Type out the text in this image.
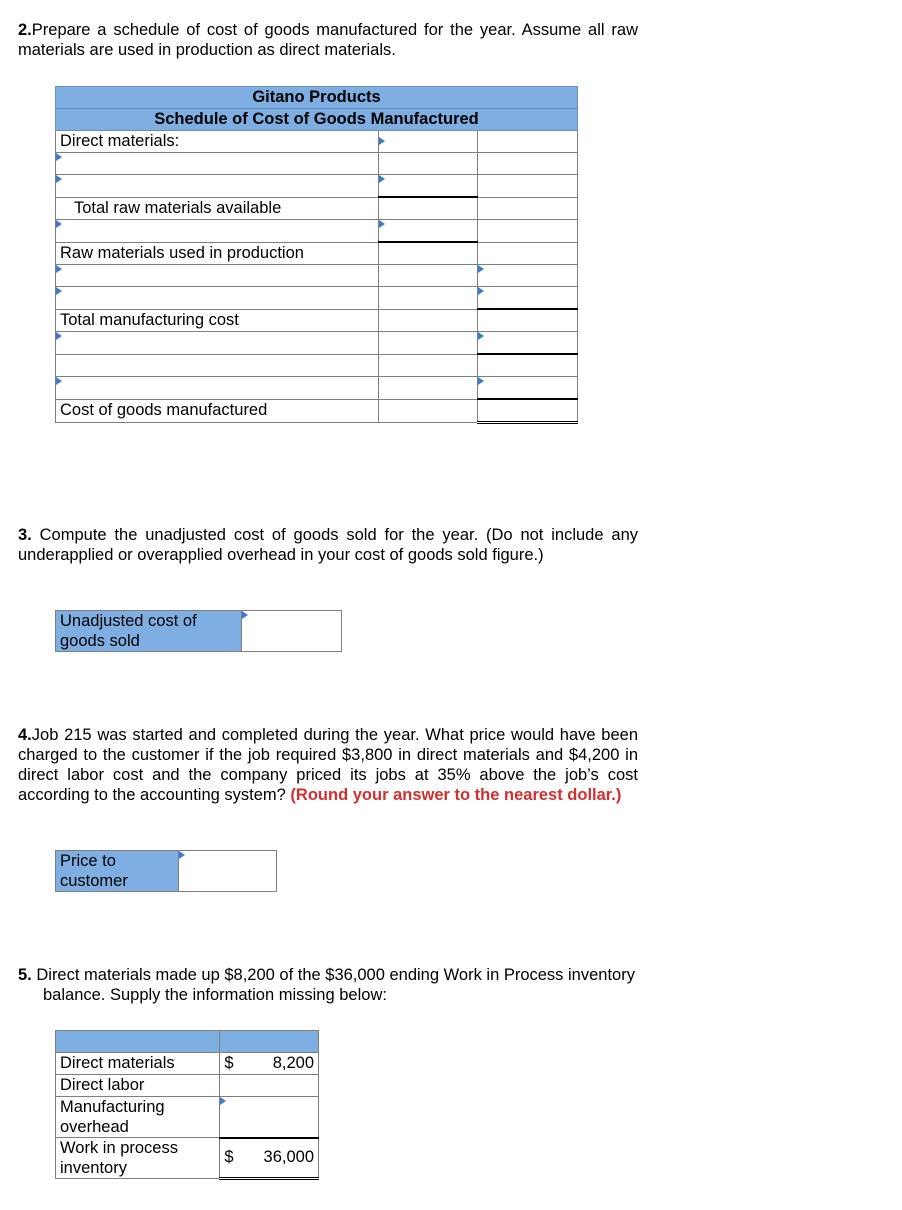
2.Prepare a schedule of cost of goods manufactured for the year. Assume all raw materials are used in production as direct materials.
Gitano Products		
Schedule of Cost of Goods Manufactured		
Direct materials:	

Total raw materials available		

Raw materials used in production		

Total manufacturing cost		

Cost of goods manufactured		
3. Compute the unadjusted cost of goods sold for the year. (Do not include any underapplied or overapplied overhead in your cost of goods sold figure.)
Unadjusted cost of goods sold	
4.Job 215 was started and completed during the year. What price would have been charged to the customer if the job required $3,800 in direct materials and $4,200 in direct labor cost and the company priced its jobs at 35% above the job’s cost according to the accounting system? (Round your answer to the nearest dollar.)
Price to customer	
5. Direct materials made up $8,200 of the $36,000 ending Work in Process inventory balance. Supply the information missing below:

Direct materials	$ 8,200

Direct labor	
Manufacturing overhead	

Work in process inventory	$ 36,000
